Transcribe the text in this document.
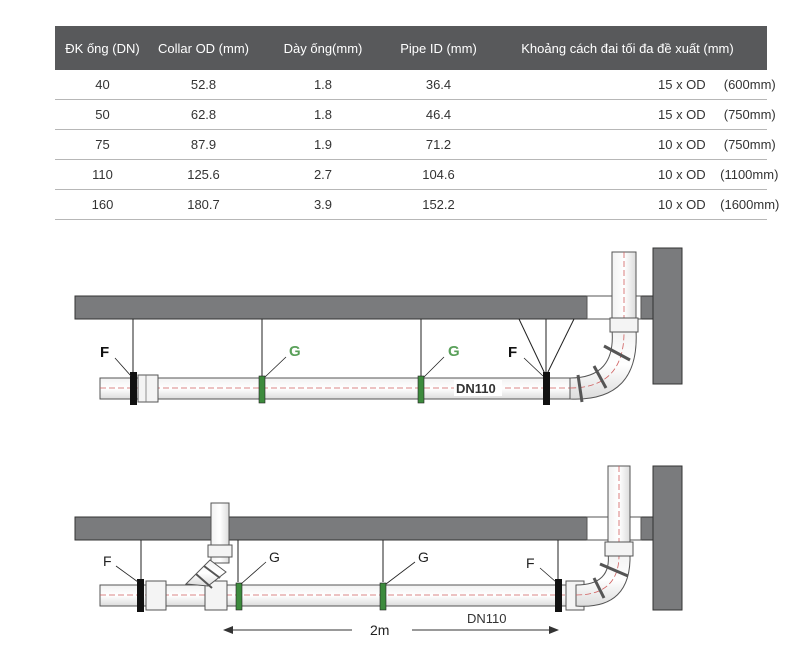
ĐK ống (DN)	Collar OD (mm)	Dày ống(mm)	Pipe ID (mm)	Khoảng cách đai tối đa đề xuất (mm)
40	52.8	1.8	36.4	15 x OD     (600mm)
50	62.8	1.8	46.4	15 x OD     (750mm)
75	87.9	1.9	71.2	10 x OD     (750mm)
110	125.6	2.7	104.6	10 x OD    (1100mm)
160	180.7	3.9	152.2	10 x OD    (1600mm)
F	G	G	F
DN110
F	G	G	F
2m
DN110
